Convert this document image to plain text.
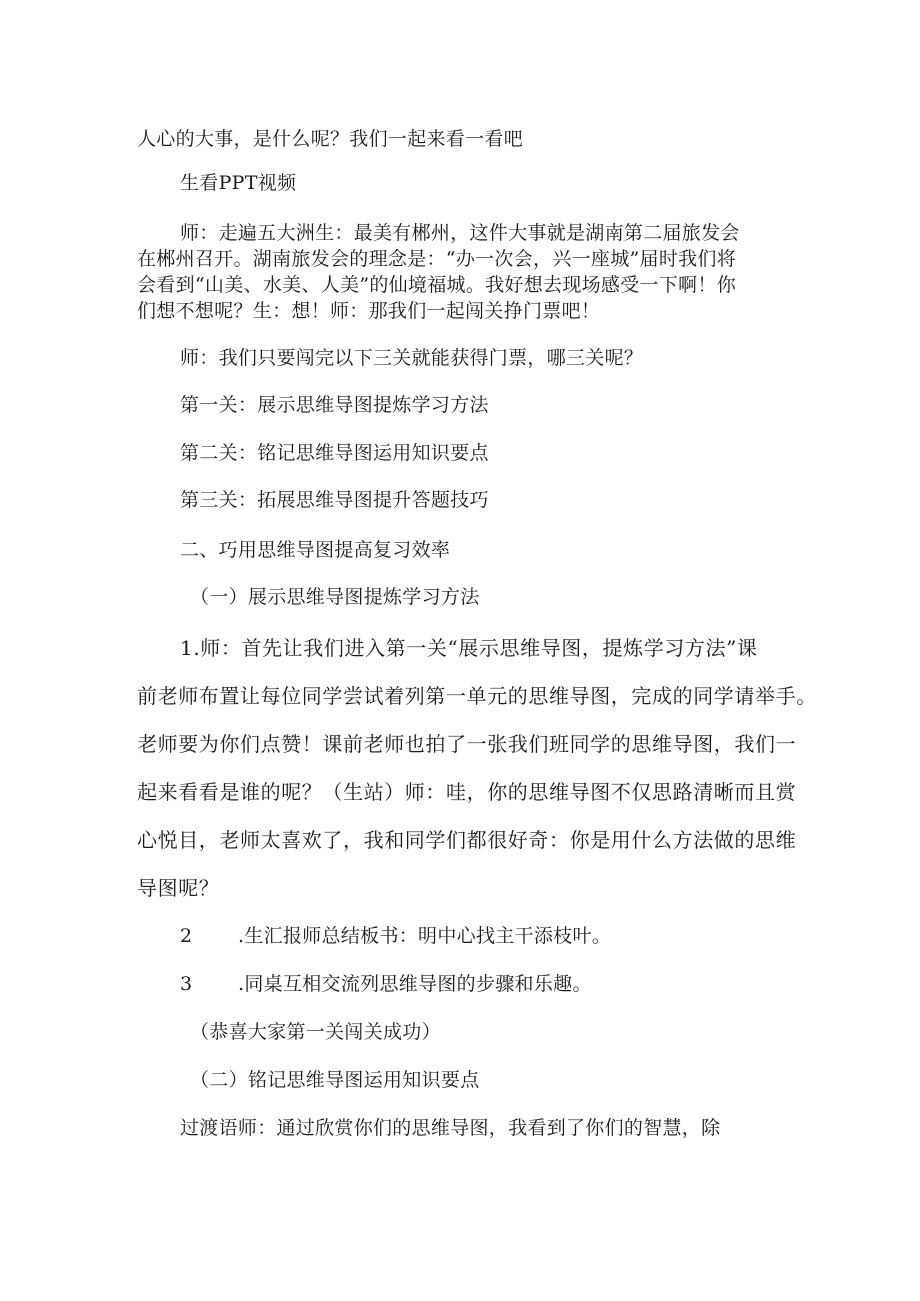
人心的大事，是什么呢？我们一起来看一看吧

生看PPT视频

师：走遍五大洲生：最美有郴州，这件大事就是湖南第二届旅发会

在郴州召开。湖南旅发会的理念是：“办一次会，兴一座城”届时我们将

会看到“山美、水美、人美”的仙境福城。我好想去现场感受一下啊！你

们想不想呢？生：想！师：那我们一起闯关挣门票吧！

师：我们只要闯完以下三关就能获得门票，哪三关呢？

第一关：展示思维导图提炼学习方法

第二关：铭记思维导图运用知识要点

第三关：拓展思维导图提升答题技巧

二、巧用思维导图提高复习效率

（一）展示思维导图提炼学习方法

1.师：首先让我们进入第一关“展示思维导图，提炼学习方法”课

前老师布置让每位同学尝试着列第一单元的思维导图，完成的同学请举手。

老师要为你们点赞！课前老师也拍了一张我们班同学的思维导图，我们一

起来看看是谁的呢？（生站）师：哇，你的思维导图不仅思路清晰而且赏

心悦目，老师太喜欢了，我和同学们都很好奇：你是用什么方法做的思维

导图呢？

2 .生汇报师总结板书：明中心找主干添枝叶。

3 .同桌互相交流列思维导图的步骤和乐趣。

（恭喜大家第一关闯关成功）

（二）铭记思维导图运用知识要点

过渡语师：通过欣赏你们的思维导图，我看到了你们的智慧，除
